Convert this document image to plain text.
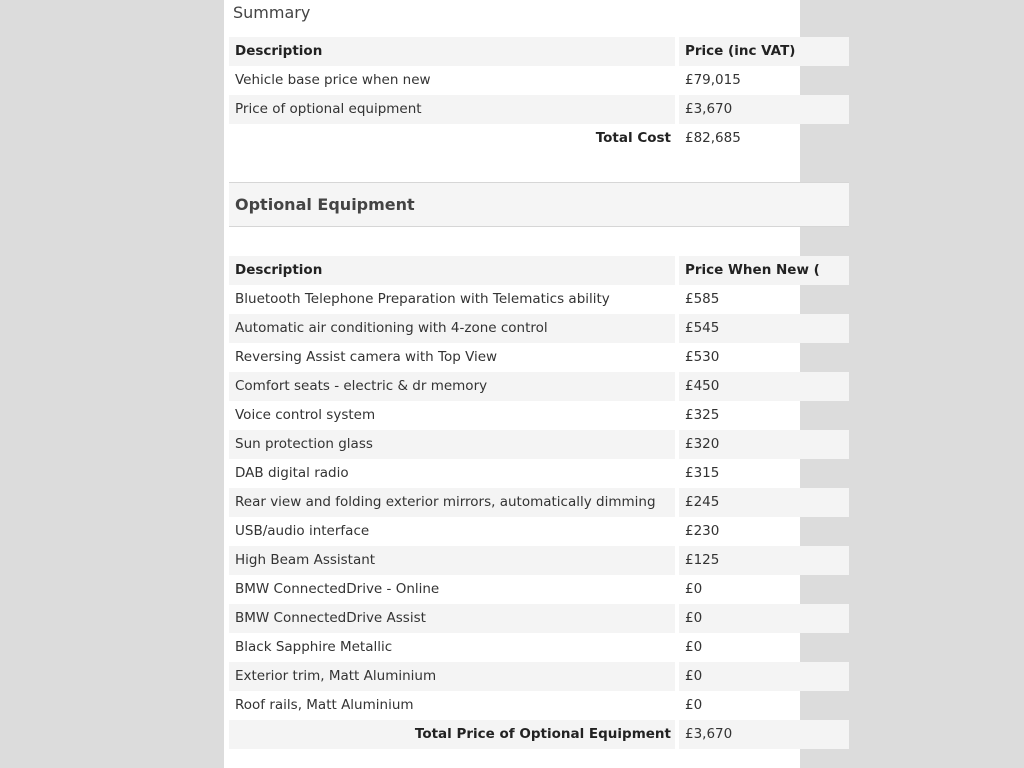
Summary
Description	Price (inc VAT)
Vehicle base price when new	£79,015
Price of optional equipment	£3,670
Total Cost	£82,685
Optional Equipment
Description	Price When New (
Bluetooth Telephone Preparation with Telematics ability	£585
Automatic air conditioning with 4-zone control	£545
Reversing Assist camera with Top View	£530
Comfort seats - electric & dr memory	£450
Voice control system	£325
Sun protection glass	£320
DAB digital radio	£315
Rear view and folding exterior mirrors, automatically dimming	£245
USB/audio interface	£230
High Beam Assistant	£125
BMW ConnectedDrive - Online	£0
BMW ConnectedDrive Assist	£0
Black Sapphire Metallic	£0
Exterior trim, Matt Aluminium	£0
Roof rails, Matt Aluminium	£0
Total Price of Optional Equipment	£3,670
